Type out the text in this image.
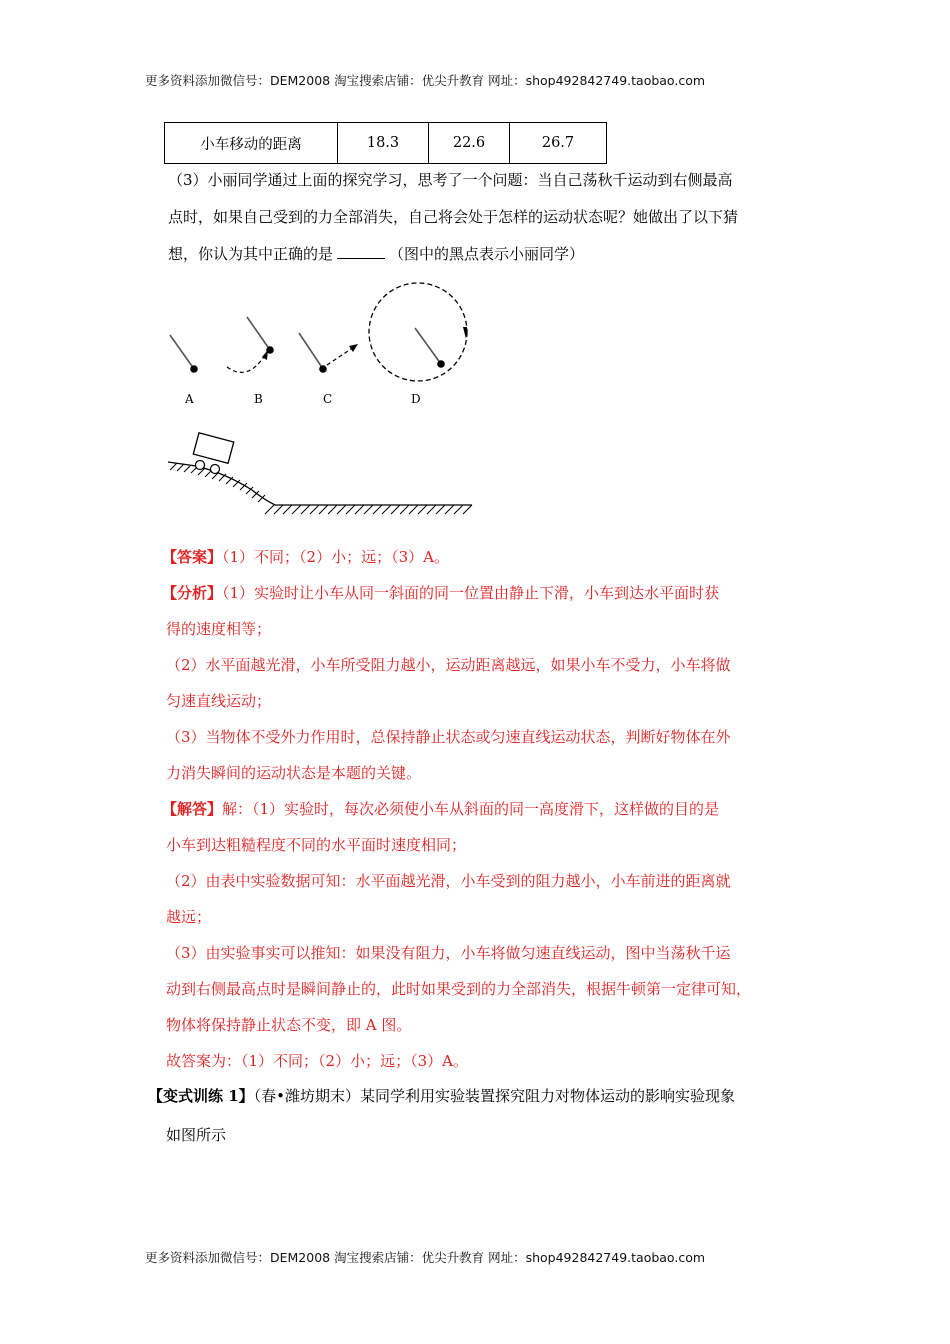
更多资料添加微信号：DEM2008 淘宝搜索店铺：优尖升教育 网址：shop492842749.taobao.com
小车移动的距离	18.3	22.6	26.7
（3）小丽同学通过上面的探究学习，思考了一个问题：当自己荡秋千运动到右侧最高
点时，如果自己受到的力全部消失，自己将会处于怎样的运动状态呢？她做出了以下猜
想，你认为其中正确的是	（图中的黑点表示小丽同学）
A	B	C	D
【答案】（1）不同；（2）小；远；（3）A。
【分析】（1）实验时让小车从同一斜面的同一位置由静止下滑，小车到达水平面时获
得的速度相等；
（2）水平面越光滑，小车所受阻力越小，运动距离越远，如果小车不受力，小车将做
匀速直线运动；
（3）当物体不受外力作用时，总保持静止状态或匀速直线运动状态，判断好物体在外
力消失瞬间的运动状态是本题的关键。
【解答】解：（1）实验时，每次必须使小车从斜面的同一高度滑下，这样做的目的是
小车到达粗糙程度不同的水平面时速度相同；
（2）由表中实验数据可知：水平面越光滑，小车受到的阻力越小，小车前进的距离就
越远；
（3）由实验事实可以推知：如果没有阻力，小车将做匀速直线运动，图中当荡秋千运
动到右侧最高点时是瞬间静止的，此时如果受到的力全部消失，根据牛顿第一定律可知，
物体将保持静止状态不变，即 A 图。
故答案为：（1）不同；（2）小；远；（3）A。
【变式训练 1】（春•潍坊期末）某同学利用实验装置探究阻力对物体运动的影响实验现象
如图所示
更多资料添加微信号：DEM2008 淘宝搜索店铺：优尖升教育 网址：shop492842749.taobao.com
